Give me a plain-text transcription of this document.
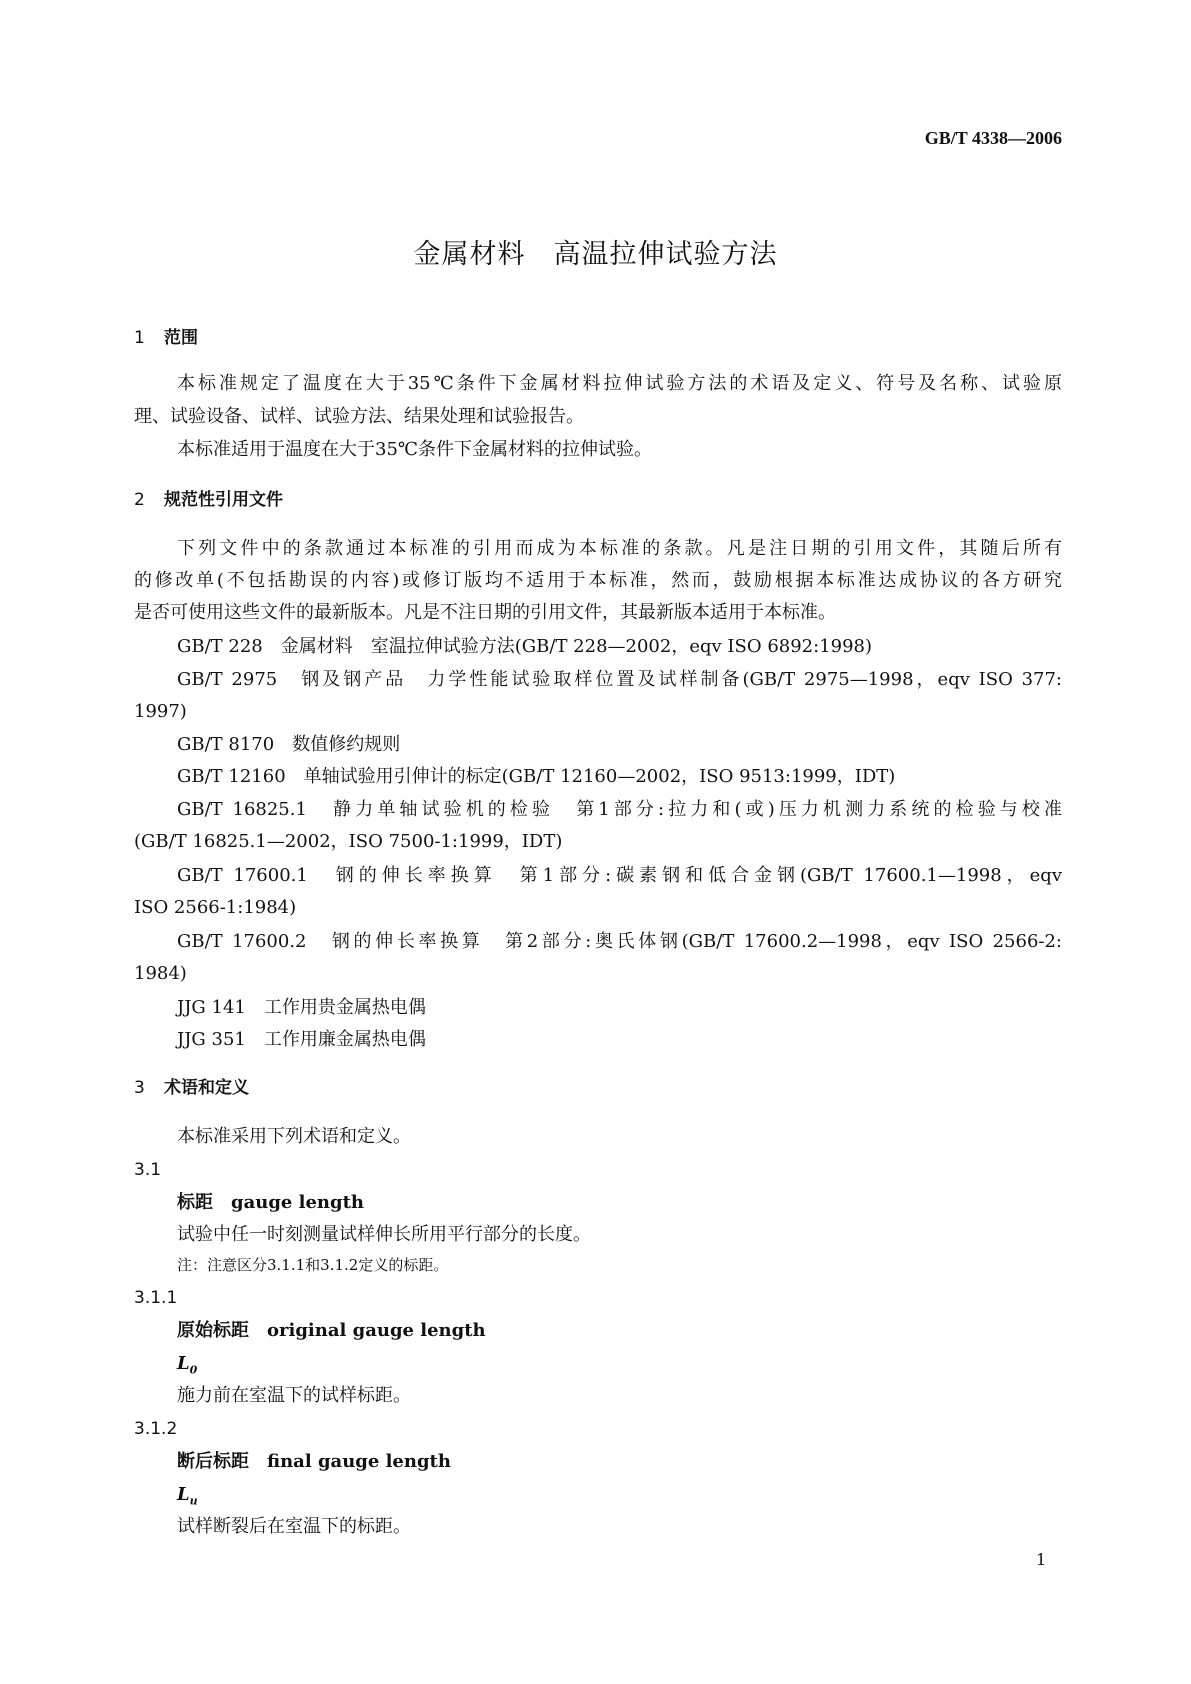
GB/T 4338—2006
金属材料　高温拉伸试验方法
1 范围
本标准规定了温度在大于35℃条件下金属材料拉伸试验方法的术语及定义、符号及名称、试验原
理、试验设备、试样、试验方法、结果处理和试验报告。
本标准适用于温度在大于35℃条件下金属材料的拉伸试验。
2 规范性引用文件
下列文件中的条款通过本标准的引用而成为本标准的条款。凡是注日期的引用文件，其随后所有
的修改单(不包括勘误的内容)或修订版均不适用于本标准，然而，鼓励根据本标准达成协议的各方研究
是否可使用这些文件的最新版本。凡是不注日期的引用文件，其最新版本适用于本标准。
GB/T 228　金属材料　室温拉伸试验方法(GB/T 228—2002，eqv ISO 6892:1998)
GB/T 2975　钢及钢产品　力学性能试验取样位置及试样制备(GB/T 2975—1998，eqv ISO 377:
1997)
GB/T 8170　数值修约规则
GB/T 12160　单轴试验用引伸计的标定(GB/T 12160—2002，ISO 9513:1999，IDT)
GB/T 16825.1　静力单轴试验机的检验　第1部分:拉力和(或)压力机测力系统的检验与校准
(GB/T 16825.1—2002，ISO 7500-1:1999，IDT)
GB/T 17600.1　钢的伸长率换算　第1部分:碳素钢和低合金钢(GB/T 17600.1—1998，eqv
ISO 2566-1:1984)
GB/T 17600.2　钢的伸长率换算　第2部分:奥氏体钢(GB/T 17600.2—1998，eqv ISO 2566-2:
1984)
JJG 141　工作用贵金属热电偶
JJG 351　工作用廉金属热电偶
3 术语和定义
本标准采用下列术语和定义。
3.1
标距　gauge length
试验中任一时刻测量试样伸长所用平行部分的长度。
注：注意区分3.1.1和3.1.2定义的标距。
3.1.1
原始标距　original gauge length
$L_0$
施力前在室温下的试样标距。
3.1.2
断后标距　final gauge length
$L_u$
试样断裂后在室温下的标距。
1
